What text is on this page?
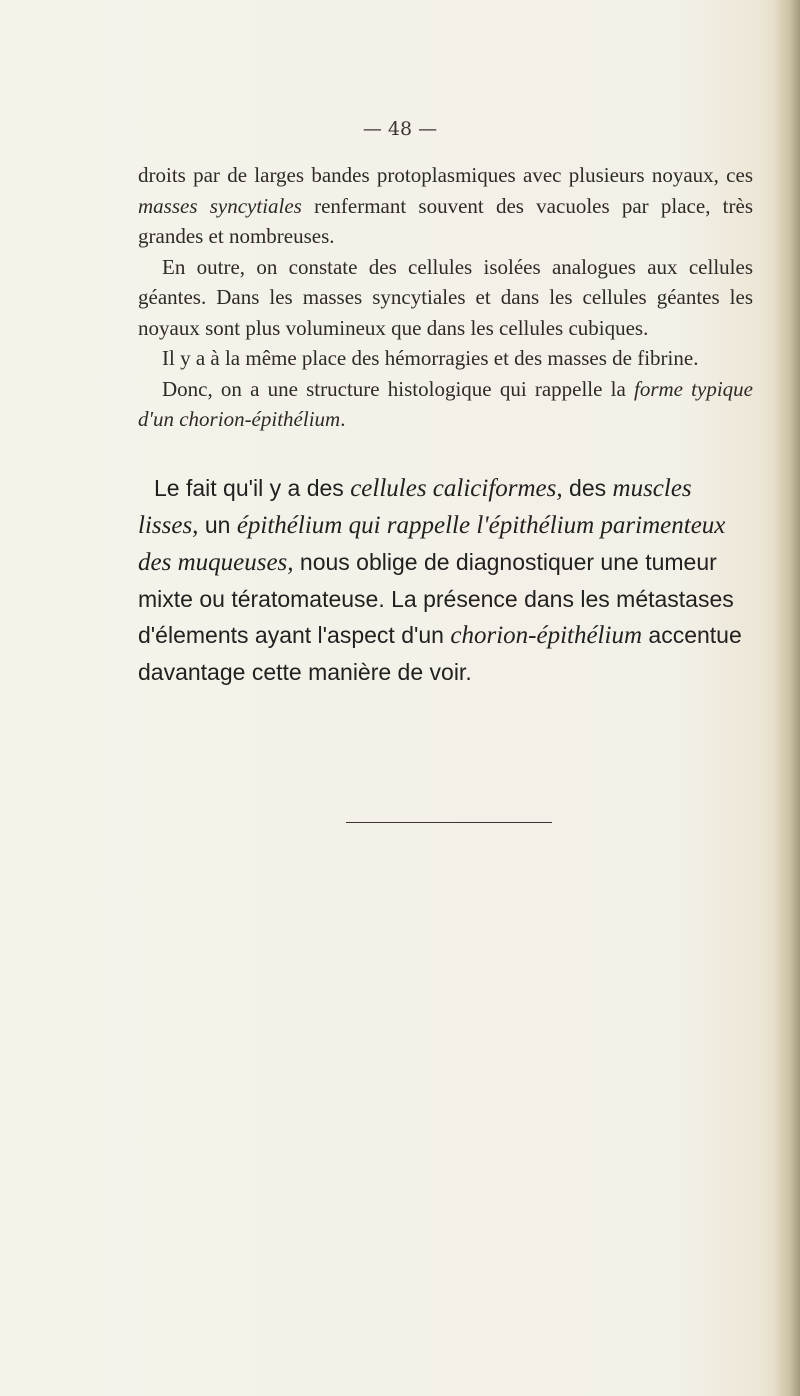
— 48 —

droits par de larges bandes protoplasmiques avec plusieurs noyaux, ces masses syncytiales renfermant souvent des vacuoles par place, très grandes et nombreuses.

En outre, on constate des cellules isolées analogues aux cellules géantes. Dans les masses syncytiales et dans les cellules géantes les noyaux sont plus volumineux que dans les cellules cubiques.

Il y a à la même place des hémorragies et des masses de fibrine.

Donc, on a une structure histologique qui rappelle la forme typique d'un chorion-épithélium.

Le fait qu'il y a des cellules caliciformes, des muscles lisses, un épithélium qui rappelle l'épithélium parimenteux des muqueuses, nous oblige de diagnostiquer une tumeur mixte ou tératomateuse. La présence dans les métastases d'élements ayant l'aspect d'un chorion-épithélium accentue davantage cette manière de voir.
